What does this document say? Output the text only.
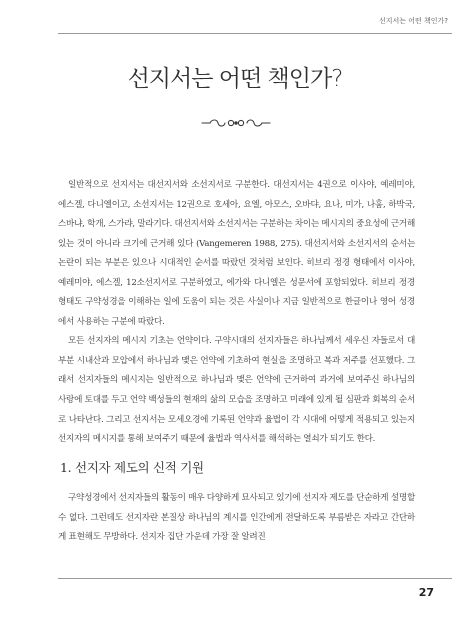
선지서는 어떤 책인가?
선지서는 어떤 책인가?

일반적으로 선지서는 대선지서와 소선지서로 구분한다. 대선지서는 4권으로 이사야, 예레미야, 에스겔, 다니엘이고, 소선지서는 12권으로 호세아, 요엘, 아모스, 오바댜, 요나, 미가, 나훔, 하박국, 스바냐, 학개, 스가랴, 말라기다. 대선지서와 소선지서는 구분하는 차이는 메시지의 중요성에 근거해 있는 것이 아니라 크기에 근거해 있다 (Vangemeren 1988, 275). 대선지서와 소선지서의 순서는 논란이 되는 부분은 있으나 시대적인 순서를 따랐던 것처럼 보인다. 히브리 정경 형태에서 이사야, 예레미야, 에스겔, 12소선지서로 구분하였고, 에가와 다니엘은 성문서에 포함되었다. 히브리 정경 형태도 구약성경을 이해하는 일에 도움이 되는 것은 사실이나 지금 일반적으로 한글이나 영어 성경에서 사용하는 구분에 따랐다.

모든 선지자의 메시지 기초는 언약이다. 구약시대의 선지자들은 하나님께서 세우신 자들로서 대부분 시내산과 모압에서 하나님과 맺은 언약에 기초하여 현실을 조명하고 복과 저주를 선포했다. 그래서 선지자들의 메시지는 일반적으로 하나님과 맺은 언약에 근거하여 과거에 보여주신 하나님의 사랑에 토대를 두고 언약 백성들의 현재의 삶의 모습을 조명하고 미래에 있게 될 심판과 회복의 순서로 나타난다. 그리고 선지서는 모세오경에 기록된 언약과 율법이 각 시대에 어떻게 적용되고 있는지 선지자의 메시지를 통해 보여주기 때문에 율법과 역사서를 해석하는 열쇠가 되기도 한다.

1. 선지자 제도의 신적 기원

구약성경에서 선지자들의 활동이 매우 다양하게 묘사되고 있기에 선지자 제도를 단순하게 설명할 수 없다. 그런데도 선지자란 본질상 하나님의 계시를 인간에게 전달하도록 부름받은 자라고 간단하게 표현해도 무방하다. 선지자 집단 가운데 가장 잘 알려진

27
